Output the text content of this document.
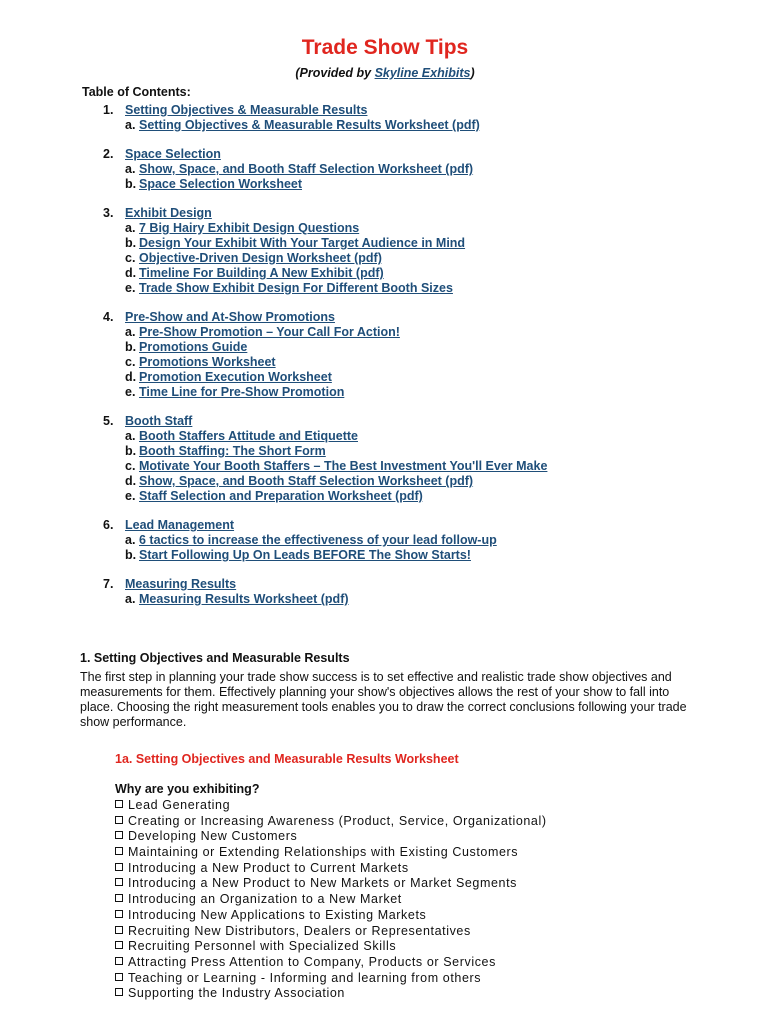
Trade Show Tips
(Provided by Skyline Exhibits)
Table of Contents:
1. Setting Objectives & Measurable Results
a. Setting Objectives & Measurable Results Worksheet (pdf)
2. Space Selection
a. Show, Space, and Booth Staff Selection Worksheet (pdf)
b. Space Selection Worksheet
3. Exhibit Design
a. 7 Big Hairy Exhibit Design Questions
b. Design Your Exhibit With Your Target Audience in Mind
c. Objective-Driven Design Worksheet (pdf)
d. Timeline For Building A New Exhibit (pdf)
e. Trade Show Exhibit Design For Different Booth Sizes
4. Pre-Show and At-Show Promotions
a. Pre-Show Promotion – Your Call For Action!
b. Promotions Guide
c. Promotions Worksheet
d. Promotion Execution Worksheet
e. Time Line for Pre-Show Promotion
5. Booth Staff
a. Booth Staffers Attitude and Etiquette
b. Booth Staffing: The Short Form
c. Motivate Your Booth Staffers – The Best Investment You'll Ever Make
d. Show, Space, and Booth Staff Selection Worksheet (pdf)
e. Staff Selection and Preparation Worksheet (pdf)
6. Lead Management
a. 6 tactics to increase the effectiveness of your lead follow-up
b. Start Following Up On Leads BEFORE The Show Starts!
7. Measuring Results
a. Measuring Results Worksheet (pdf)
1. Setting Objectives and Measurable Results
The first step in planning your trade show success is to set effective and realistic trade show objectives and measurements for them. Effectively planning your show's objectives allows the rest of your show to fall into place. Choosing the right measurement tools enables you to draw the correct conclusions following your trade show performance.
1a. Setting Objectives and Measurable Results Worksheet
Why are you exhibiting?
Lead Generating
Creating or Increasing Awareness (Product, Service, Organizational)
Developing New Customers
Maintaining or Extending Relationships with Existing Customers
Introducing a New Product to Current Markets
Introducing a New Product to New Markets or Market Segments
Introducing an Organization to a New Market
Introducing New Applications to Existing Markets
Recruiting New Distributors, Dealers or Representatives
Recruiting Personnel with Specialized Skills
Attracting Press Attention to Company, Products or Services
Teaching or Learning - Informing and learning from others
Supporting the Industry Association
